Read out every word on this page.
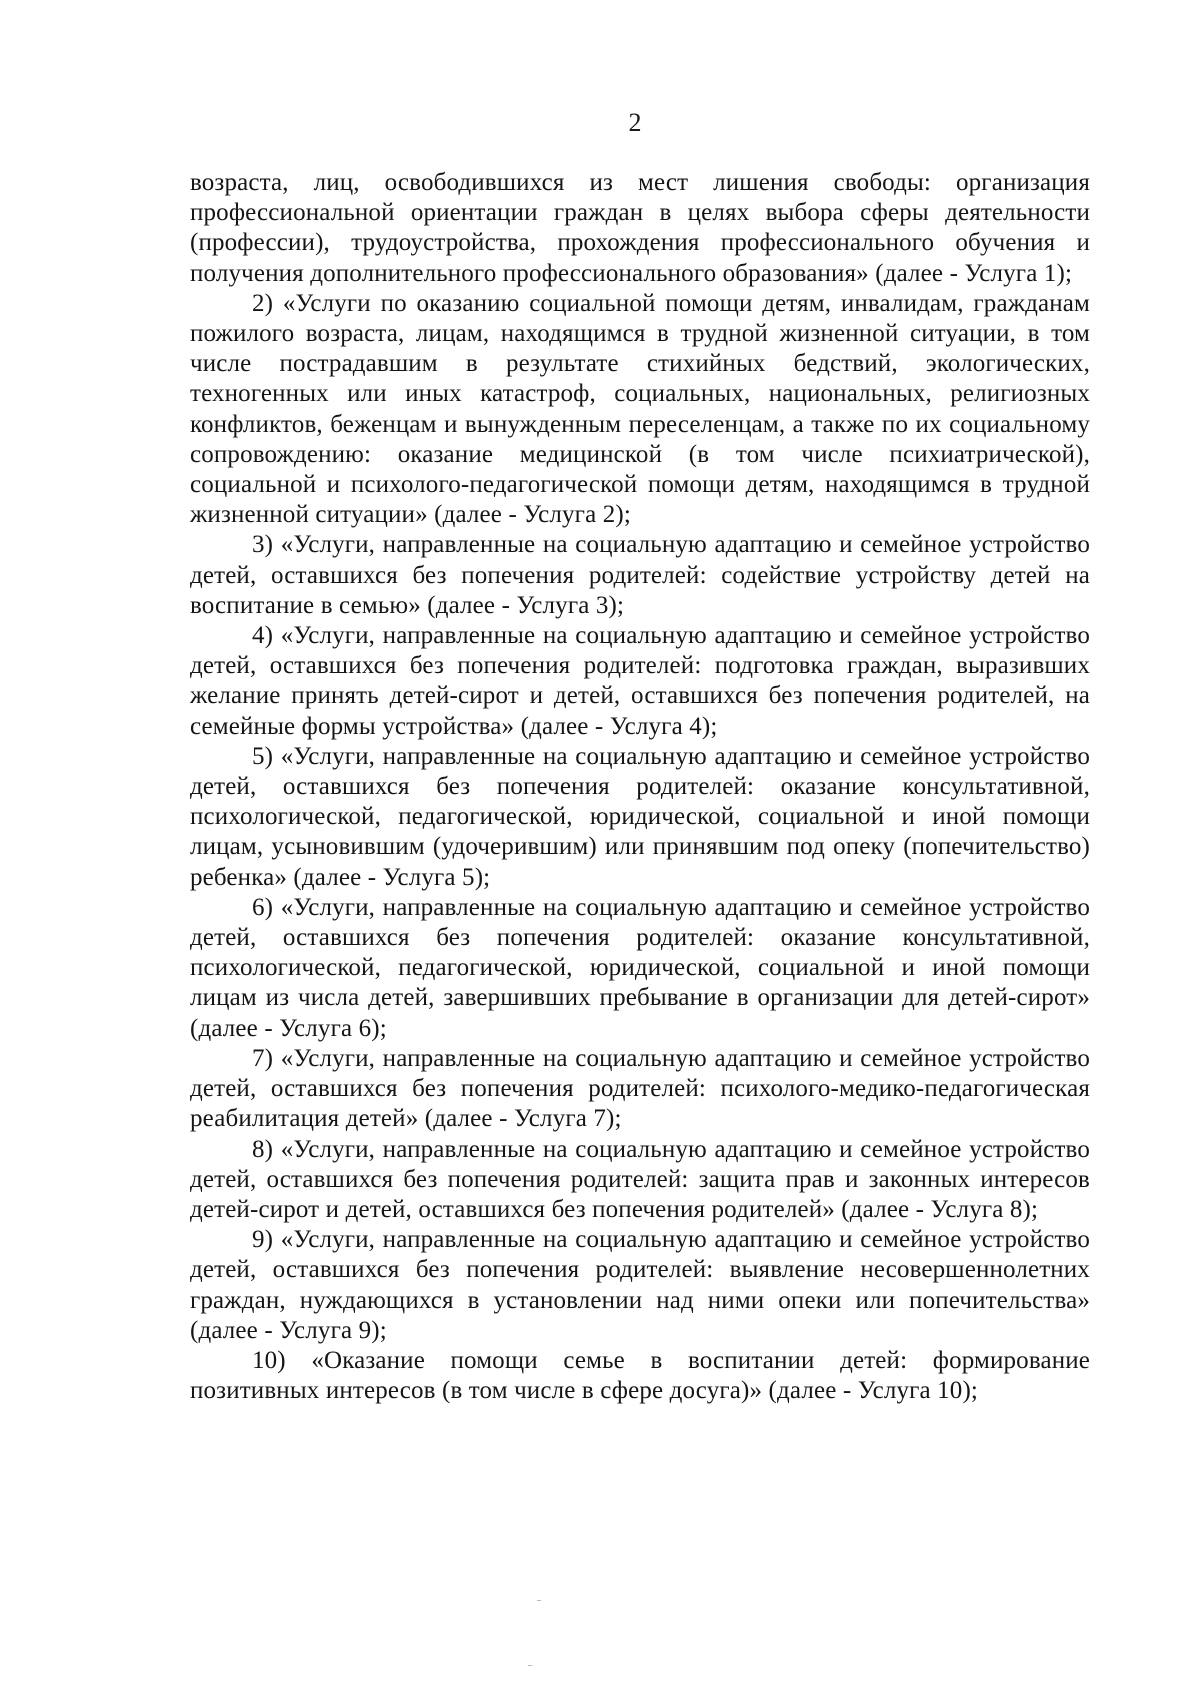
2

возраста, лиц, освободившихся из мест лишения свободы: организация профессиональной ориентации граждан в целях выбора сферы деятельности (профессии), трудоустройства, прохождения профессионального обучения и получения дополнительного профессионального образования» (далее - Услуга 1);

2) «Услуги по оказанию социальной помощи детям, инвалидам, гражданам пожилого возраста, лицам, находящимся в трудной жизненной ситуации, в том числе пострадавшим в результате стихийных бедствий, экологических, техногенных или иных катастроф, социальных, национальных, религиозных конфликтов, беженцам и вынужденным переселенцам, а также по их социальному сопровождению: оказание медицинской (в том числе психиатрической), социальной и психолого-педагогической помощи детям, находящимся в трудной жизненной ситуации» (далее - Услуга 2);

3) «Услуги, направленные на социальную адаптацию и семейное устройство детей, оставшихся без попечения родителей: содействие устройству детей на воспитание в семью» (далее - Услуга 3);

4) «Услуги, направленные на социальную адаптацию и семейное устройство детей, оставшихся без попечения родителей: подготовка граждан, выразивших желание принять детей-сирот и детей, оставшихся без попечения родителей, на семейные формы устройства» (далее - Услуга 4);

5) «Услуги, направленные на социальную адаптацию и семейное устройство детей, оставшихся без попечения родителей: оказание консультативной, психологической, педагогической, юридической, социальной и иной помощи лицам, усыновившим (удочерившим) или принявшим под опеку (попечительство) ребенка» (далее - Услуга 5);

6) «Услуги, направленные на социальную адаптацию и семейное устройство детей, оставшихся без попечения родителей: оказание консультативной, психологической, педагогической, юридической, социальной и иной помощи лицам из числа детей, завершивших пребывание в организации для детей-сирот» (далее - Услуга 6);

7) «Услуги, направленные на социальную адаптацию и семейное устройство детей, оставшихся без попечения родителей: психолого-медико-педагогическая реабилитация детей» (далее - Услуга 7);

8) «Услуги, направленные на социальную адаптацию и семейное устройство детей, оставшихся без попечения родителей: защита прав и законных интересов детей-сирот и детей, оставшихся без попечения родителей» (далее - Услуга 8);

9) «Услуги, направленные на социальную адаптацию и семейное устройство детей, оставшихся без попечения родителей: выявление несовершеннолетних граждан, нуждающихся в установлении над ними опеки или попечительства» (далее - Услуга 9);

10) «Оказание помощи семье в воспитании детей: формирование позитивных интересов (в том числе в сфере досуга)» (далее - Услуга 10);
